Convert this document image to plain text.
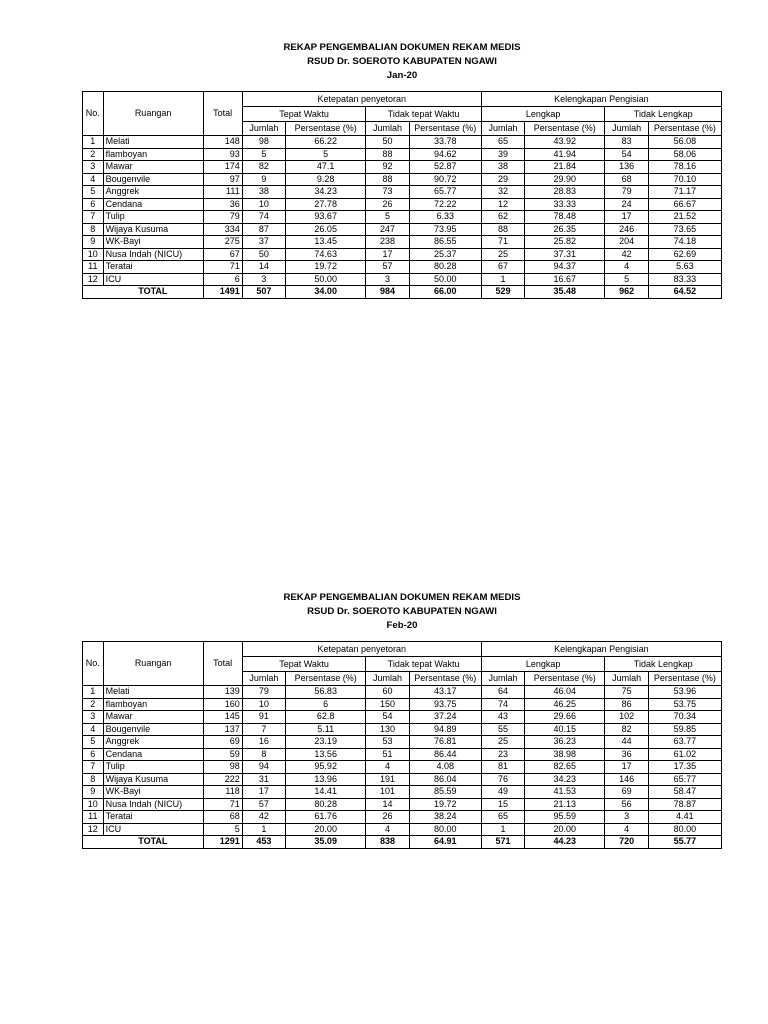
REKAP PENGEMBALIAN DOKUMEN REKAM MEDIS
RSUD Dr. SOEROTO KABUPATEN NGAWI
Jan-20
No.	Ruangan	Total	Ketepatan penyetoran				Kelengkapan Pengisian			
			Tepat Waktu		Tidak tepat Waktu		Lengkap		Tidak Lengkap	
			Jumlah	Persentase (%)	Jumlah	Persentase (%)	Jumlah	Persentase (%)	Jumlah	Persentase (%)
1	Melati	148	98	66.22	50	33.78	65	43.92	83	56.08
2	flamboyan	93	5	5	88	94.62	39	41.94	54	58.06
3	Mawar	174	82	47.1	92	52.87	38	21.84	136	78.16
4	Bougenvile	97	9	9.28	88	90.72	29	29.90	68	70.10
5	Anggrek	111	38	34.23	73	65.77	32	28.83	79	71.17
6	Cendana	36	10	27.78	26	72.22	12	33.33	24	66.67
7	Tulip	79	74	93.67	5	6.33	62	78.48	17	21.52
8	Wijaya Kusuma	334	87	26.05	247	73.95	88	26.35	246	73.65
9	WK-Bayi	275	37	13.45	238	86.55	71	25.82	204	74.18
10	Nusa Indah (NICU)	67	50	74.63	17	25.37	25	37.31	42	62.69
11	Teratai	71	14	19.72	57	80.28	67	94.37	4	5.63
12	ICU	6	3	50.00	3	50.00	1	16.67	5	83.33
	TOTAL	1491	507	34.00	984	66.00	529	35.48	962	64.52
REKAP PENGEMBALIAN DOKUMEN REKAM MEDIS
RSUD Dr. SOEROTO KABUPATEN NGAWI
Feb-20
No.	Ruangan	Total	Ketepatan penyetoran				Kelengkapan Pengisian			
			Tepat Waktu		Tidak tepat Waktu		Lengkap		Tidak Lengkap	
			Jumlah	Persentase (%)	Jumlah	Persentase (%)	Jumlah	Persentase (%)	Jumlah	Persentase (%)
1	Melati	139	79	56.83	60	43.17	64	46.04	75	53.96
2	flamboyan	160	10	6	150	93.75	74	46.25	86	53.75
3	Mawar	145	91	62.8	54	37.24	43	29.66	102	70.34
4	Bougenvile	137	7	5.11	130	94.89	55	40.15	82	59.85
5	Anggrek	69	16	23.19	53	76.81	25	36.23	44	63.77
6	Cendana	59	8	13.56	51	86.44	23	38.98	36	61.02
7	Tulip	98	94	95.92	4	4.08	81	82.65	17	17.35
8	Wijaya Kusuma	222	31	13.96	191	86.04	76	34.23	146	65.77
9	WK-Bayi	118	17	14.41	101	85.59	49	41.53	69	58.47
10	Nusa Indah (NICU)	71	57	80.28	14	19.72	15	21.13	56	78.87
11	Teratai	68	42	61.76	26	38.24	65	95.59	3	4.41
12	ICU	5	1	20.00	4	80.00	1	20.00	4	80.00
	TOTAL	1291	453	35.09	838	64.91	571	44.23	720	55.77
